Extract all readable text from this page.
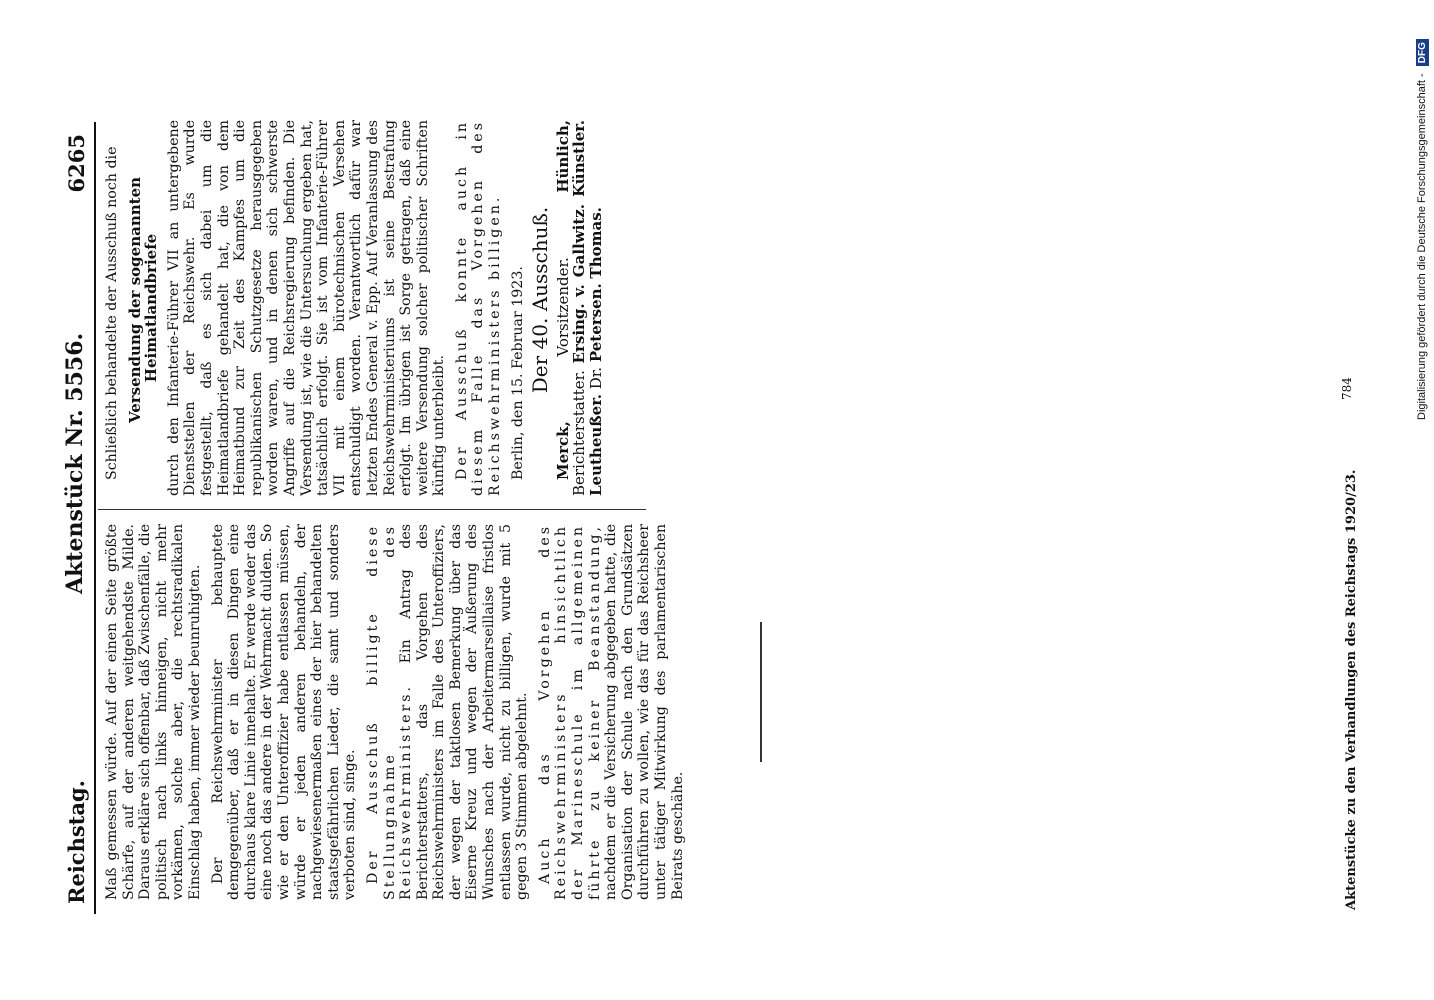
Reichstag.
Aktenstück Nr. 5556.
6265

Maß gemessen würde. Auf der einen Seite größte Schärfe, auf der anderen weitgehendste Milde. Daraus erkläre sich offenbar, daß Zwischenfälle, die politisch nach links hinneigen, nicht mehr vorkämen, solche aber, die rechtsradikalen Einschlag haben, immer wieder beunruhigten. Der Reichswehrminister behauptete demgegenüber, daß er in diesen Dingen eine durchaus klare Linie innehalte. Er werde weder das eine noch das andere in der Wehrmacht dulden. So wie er den Unteroffizier habe entlassen müssen, würde er jeden anderen behandeln, der nachgewiesenermaßen eines der hier behandelten staatsgefährlichen Lieder, die samt und sonders verboten sind, singe. Der Ausschuß billigte diese Stellungnahme des Reichswehrministers. Ein Antrag des Berichterstatters, das Vorgehen des Reichswehrministers im Falle des Unteroffiziers, der wegen der taktlosen Bemerkung über das Eiserne Kreuz und wegen der Äußerung des Wunsches nach der Arbeitermarseillaise fristlos entlassen wurde, nicht zu billigen, wurde mit 5 gegen 3 Stimmen abgelehnt. Auch das Vorgehen des Reichswehrministers hinsichtlich der Marineschule im allgemeinen führte zu keiner Beanstandung, nachdem er die Versicherung abgegeben hatte, die Organisation der Schule nach den Grundsätzen durchführen zu wollen, wie das für das Reichsheer unter tätiger Mitwirkung des parlamentarischen Beirats geschähe.

Schließlich behandelte der Ausschuß noch die Versendung der sogenannten Heimatlandbriefe durch den Infanterie-Führer VII an untergebene Dienststellen der Reichswehr. Es wurde festgestellt, daß es sich dabei um die Heimatlandbriefe gehandelt hat, die von dem Heimatbund zur Zeit des Kampfes um die republikanischen Schutzgesetze herausgegeben worden waren, und in denen sich schwerste Angriffe auf die Reichsregierung befinden. Die Versendung ist, wie die Untersuchung ergeben hat, tatsächlich erfolgt. Sie ist vom Infanterie-Führer VII mit einem bürotechnischen Versehen entschuldigt worden. Verantwortlich dafür war letzten Endes General v. Epp. Auf Veranlassung des Reichswehrministeriums ist seine Bestrafung erfolgt. Im übrigen ist Sorge getragen, daß eine weitere Versendung solcher politischer Schriften künftig unterbleibt. Der Ausschuß konnte auch in diesem Falle das Vorgehen des Reichswehrministers billigen. Berlin, den 15. Februar 1923. Der 40. Ausschuß.

Merck, Vorsitzender. Hünlich, Berichterstatter. Ersing. v. Gallwitz. Künstler. Leutheußer. Dr. Petersen. Thomas.

Aktenstücke zu den Verhandlungen des Reichstags 1920/23.
784	Digitalisierung gefördert durch die Deutsche Forschungsgemeinschaft - DFG
